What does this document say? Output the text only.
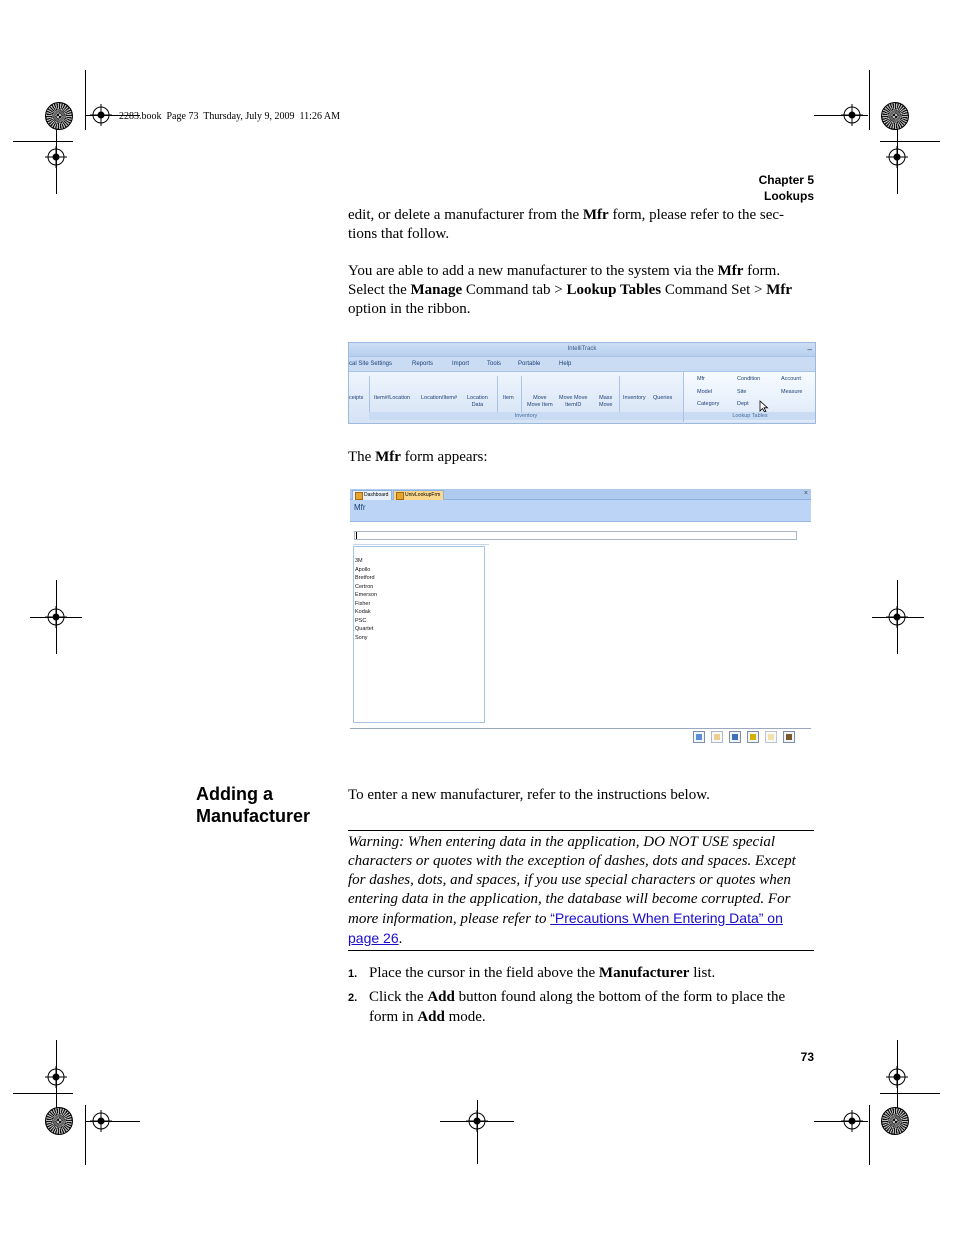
2283.book  Page 73  Thursday, July 9, 2009  11:26 AM
Chapter 5
Lookups
edit, or delete a manufacturer from the Mfr form, please refer to the sec-
tions that follow.
You are able to add a new manufacturer to the system via the Mfr form.
Select the Manage Command tab > Lookup Tables Command Set > Mfr
option in the ribbon.
IntelliTrack	–
cal Site Settings	Reports	Import	Tools	Portable	Help
ceipts Item#/Location Location/Item# Location
Data
Item	Move
Move Item
Move Move
ItemID
Mass
Move
Inventory Queries
Inventory
Mfr	Condition	Account
Model	Site	Measure
Category	Dept
Lookup Tables
The Mfr form appears:
Dashboard	UnivLookupFrm	×
Mfr
3M
Apollo
Bretford
Certron
Emerson
Fisher
Kodak
PSC
Quartet
Sony
Adding a
Manufacturer
To enter a new manufacturer, refer to the instructions below.
Warning: When entering data in the application, DO NOT USE special
characters or quotes with the exception of dashes, dots and spaces. Except
for dashes, dots, and spaces, if you use special characters or quotes when
entering data in the application, the database will become corrupted. For
more information, please refer to “Precautions When Entering Data” on
page 26.
1. Place the cursor in the field above the Manufacturer list.
2. Click the Add button found along the bottom of the form to place the
form in Add mode.
73
